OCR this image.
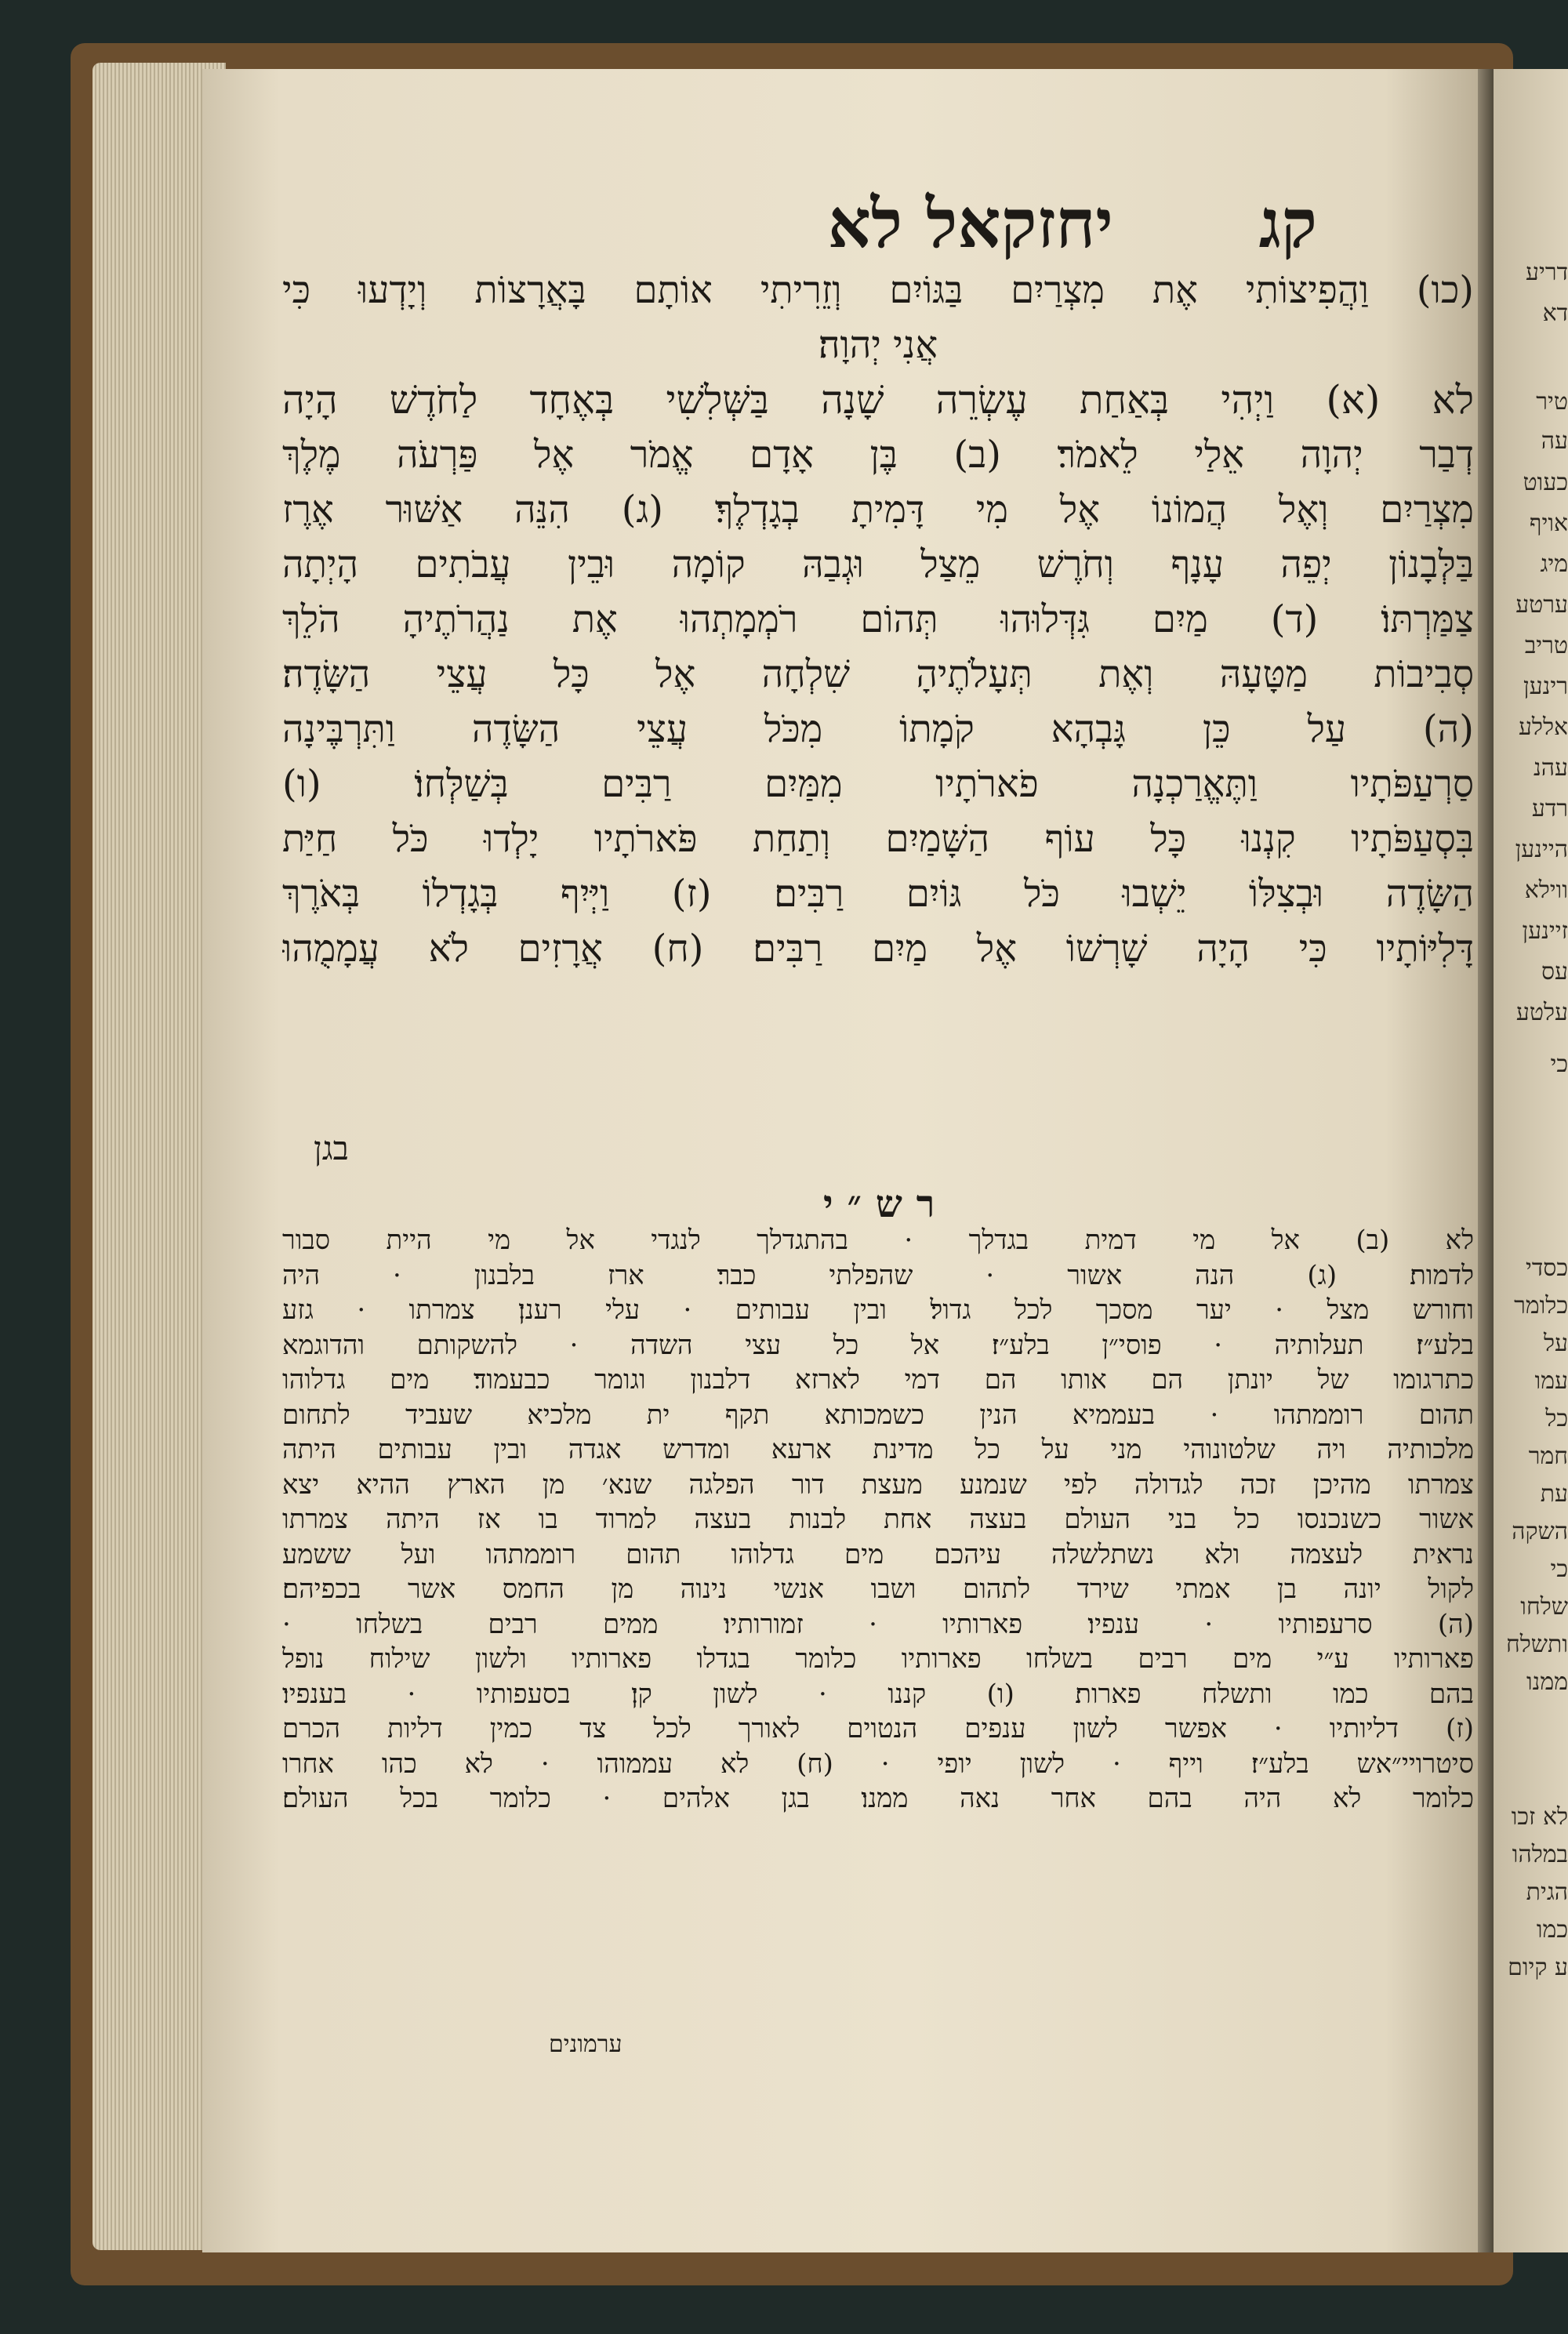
יחזקאל לא קג
(כו) וַהֲפִיצוֹתִי אֶת מִצְרַיִם בַּגּוֹיִם וְזֵרִיתִי אוֹתָם בָּאֲרָצוֹת וְיָדְעוּ כִּי
אֲנִי יְהוָה׃
לא (א) וַיְהִי בְּאַחַת עֶשְׂרֵה שָׁנָה בַּשְּׁלִשִׁי בְּאֶחָד לַחֹדֶשׁ הָיָה
דְבַר יְהוָה אֵלַי לֵאמֹר׃ (ב) בֶּן אָדָם אֱמֹר אֶל פַּרְעֹה מֶלֶךְ
מִצְרַיִם וְאֶל הֲמוֹנוֹ אֶל מִי דָּמִיתָ בְגָדְלֶךָ׃ (ג) הִנֵּה אַשּׁוּר אֶרֶז
בַּלְּבָנוֹן יְפֵה עָנָף וְחֹרֶשׁ מֵצַל וּגְבַהּ קוֹמָה וּבֵין עֲבֹתִים הָיְתָה
צַמַּרְתּוֹ׃ (ד) מַיִם גִּדְּלוּהוּ תְּהוֹם רֹמְמָתְהוּ אֶת נַהֲרֹתֶיהָ הֹלֵךְ
סְבִיבוֹת מַטָּעָהּ וְאֶת תְּעָלֹתֶיהָ שִׁלְחָה אֶל כָּל עֲצֵי הַשָּׂדֶה׃
(ה) עַל כֵּן גָּבְהָא קֹמָתוֹ מִכֹּל עֲצֵי הַשָּׂדֶה וַתִּרְבֶּינָה
סַרְעַפֹּתָיו וַתֶּאֱרַכְנָה פֹארֹתָיו מִמַּיִם רַבִּים בְּשַׁלְּחוֹ׃ (ו)
בִּסְעַפֹּתָיו קִנְנוּ כָּל עוֹף הַשָּׁמַיִם וְתַחַת פֹּארֹתָיו יָלְדוּ כֹּל חַיַּת
הַשָּׂדֶה וּבְצִלּוֹ יֵשְׁבוּ כֹּל גּוֹיִם רַבִּים׃ (ז) וַיְּיִף בְּגָדְלוֹ בְּאֹרֶךְ
דָּלִיּוֹתָיו כִּי הָיָה שָׁרְשׁוֹ אֶל מַיִם רַבִּים׃ (ח) אֲרָזִים לֹא עֲמָמֻהוּ
בגן
רש״י
לא (ב) אל מי דמית בגדלך · בהתגדלך לנגדי אל מי היית סבור
לדמות׃ (ג) הנה אשור · שהפלתי כבר׃ ארז בלבנון · היה
וחורש מצל · יער מסכך לכל גדול׃ ובין עבותים · עלי רענן׃ צמרתו · גזע
בלע״ז׃ תעלותיה · פוסי״ן בלע״ז׃ אל כל עצי השדה · להשקותם והדוגמא
כתרגומו של יונתן הם אותו הם דמי לארזא דלבנון וגומר כבעמוד׃ מים גדלוהו
תהום רוממתהו · בעממיא הנין כשמכותא תקף ית מלכיא שעביד לתחום
מלכותיה ויה שלטונוהי מני על כל מדינת ארעא ומדרש אגדה ובין עבותים היתה
צמרתו מהיכן זכה לגדולה לפי שנמנע מעצת דור הפלגה שנא׳ מן הארץ ההיא יצא
אשור כשנכנסו כל בני העולם בעצה אחת לבנות בעצה למרוד בו אז היתה צמרתו
נראית לעצמה ולא נשתלשלה עיהכם מים גדלוהו תהום רוממתהו ועל ששמע
לקול יונה בן אמתי שירד לתהום ושבו אנשי נינוה מן החמס אשר בכפיהם׃
(ה) סרעפותיו · ענפיו׃ פארותיו · זמורותיו׃ ממים רבים בשלחו ·
פארותיו ע״י מים רבים בשלחו פארותיו כלומר בגדלו פארותיו ולשון שילוח נופל
בהם כמו ותשלח פארות׃ (ו) קננו · לשון קן׃ בסעפותיו · בענפיו׃
(ז) דליותיו · אפשר לשון ענפים הנטוים לאורך לכל צד כמין דליות הכרם
סיטרויי״אש בלע״ז׃ וייף · לשון יופי · (ח) לא עממוהו · לא כהו אחרו
כלומר לא היה בהם אחר נאה ממנו׃ בגן אלהים · כלומר בכל העולם׃
ערמונים
דריע
דא
טיר
עה
כעוט
אויף
מיג
ערטע
טריב
רינען
אללע
עהנ
רדע
היינען
ווילא
זיינען
עס
עלטע
כי
כסדי
כלומר
על
עמו
כל
חמר
עת
השקה
כי
שלחו
ותשלח
ממנו
לא זכו
במלהו
הגית
כמו
ע קיום
